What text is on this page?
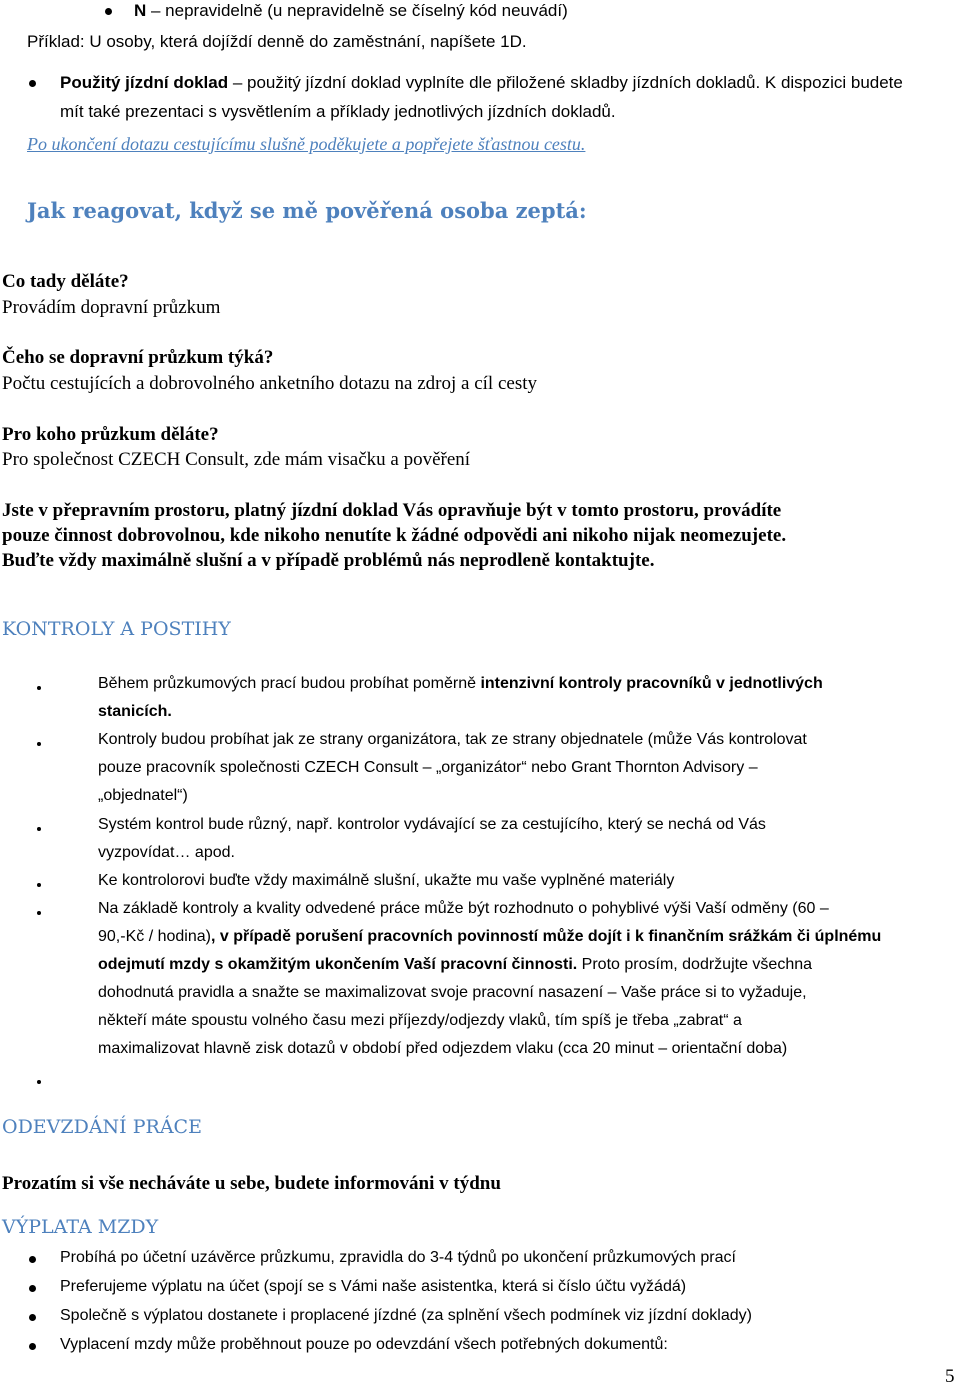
N – nepravidelně (u nepravidelně se číselný kód neuvádí)
Příklad: U osoby, která dojíždí denně do zaměstnání, napíšete 1D.
Použitý jízdní doklad – použitý jízdní doklad vyplníte dle přiložené skladby jízdních dokladů. K dispozici budete
mít také prezentaci s vysvětlením a příklady jednotlivých jízdních dokladů.
Po ukončení dotazu cestujícímu slušně poděkujete a popřejete šťastnou cestu.
Jak reagovat, když se mě pověřená osoba zeptá:
Co tady děláte?
Provádím dopravní průzkum
Čeho se dopravní průzkum týká?
Počtu cestujících a dobrovolného anketního dotazu na zdroj a cíl cesty
Pro koho průzkum děláte?
Pro společnost CZECH Consult, zde mám visačku a pověření
Jste v přepravním prostoru, platný jízdní doklad Vás opravňuje být v tomto prostoru, provádíte
pouze činnost dobrovolnou, kde nikoho nenutíte k žádné odpovědi ani nikoho nijak neomezujete.
Buďte vždy maximálně slušní a v případě problémů nás neprodleně kontaktujte.
KONTROLY A POSTIHY
Během průzkumových prací budou probíhat poměrně intenzivní kontroly pracovníků v jednotlivých
stanicích.
Kontroly budou probíhat jak ze strany organizátora, tak ze strany objednatele (může Vás kontrolovat
pouze pracovník společnosti CZECH Consult – „organizátor“ nebo Grant Thornton Advisory –
„objednatel“)
Systém kontrol bude různý, např. kontrolor vydávající se za cestujícího, který se nechá od Vás
vyzpovídat… apod.
Ke kontrolorovi buďte vždy maximálně slušní, ukažte mu vaše vyplněné materiály
Na základě kontroly a kvality odvedené práce může být rozhodnuto o pohyblivé výši Vaší odměny (60 –
90,-Kč / hodina), v případě porušení pracovních povinností může dojít i k finančním srážkám či úplnému
odejmutí mzdy s okamžitým ukončením Vaší pracovní činnosti. Proto prosím, dodržujte všechna
dohodnutá pravidla a snažte se maximalizovat svoje pracovní nasazení – Vaše práce si to vyžaduje,
někteří máte spoustu volného času mezi příjezdy/odjezdy vlaků, tím spíš je třeba „zabrat“ a
maximalizovat hlavně zisk dotazů v období před odjezdem vlaku (cca 20 minut – orientační doba)
ODEVZDÁNÍ PRÁCE
Prozatím si vše necháváte u sebe, budete informováni v týdnu
VÝPLATA MZDY
Probíhá po účetní uzávěrce průzkumu, zpravidla do 3-4 týdnů po ukončení průzkumových prací
Preferujeme výplatu na účet (spojí se s Vámi naše asistentka, která si číslo účtu vyžádá)
Společně s výplatou dostanete i proplacené jízdné (za splnění všech podmínek viz jízdní doklady)
Vyplacení mzdy může proběhnout pouze po odevzdání všech potřebných dokumentů:
5
